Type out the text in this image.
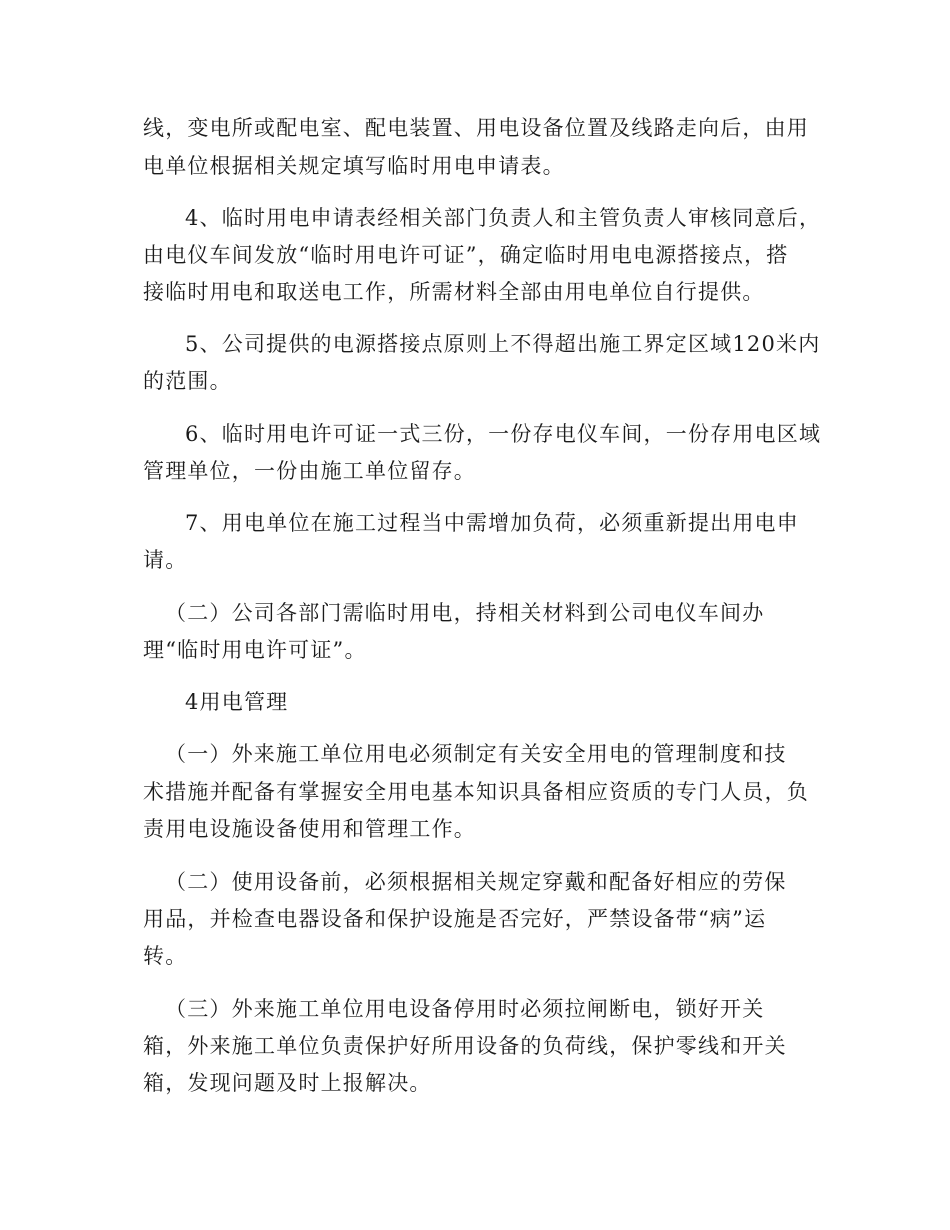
线，变电所或配电室、配电装置、用电设备位置及线路走向后，由用
电单位根据相关规定填写临时用电申请表。
4、临时用电申请表经相关部门负责人和主管负责人审核同意后，
由电仪车间发放“临时用电许可证”，确定临时用电电源搭接点，搭
接临时用电和取送电工作，所需材料全部由用电单位自行提供。
5、公司提供的电源搭接点原则上不得超出施工界定区域120米内
的范围。
6、临时用电许可证一式三份，一份存电仪车间，一份存用电区域
管理单位，一份由施工单位留存。
7、用电单位在施工过程当中需增加负荷，必须重新提出用电申
请。
（二）公司各部门需临时用电，持相关材料到公司电仪车间办
理“临时用电许可证”。
4用电管理
（一）外来施工单位用电必须制定有关安全用电的管理制度和技
术措施并配备有掌握安全用电基本知识具备相应资质的专门人员，负
责用电设施设备使用和管理工作。
（二）使用设备前，必须根据相关规定穿戴和配备好相应的劳保
用品，并检查电器设备和保护设施是否完好，严禁设备带“病”运
转。
（三）外来施工单位用电设备停用时必须拉闸断电，锁好开关
箱，外来施工单位负责保护好所用设备的负荷线，保护零线和开关
箱，发现问题及时上报解决。
